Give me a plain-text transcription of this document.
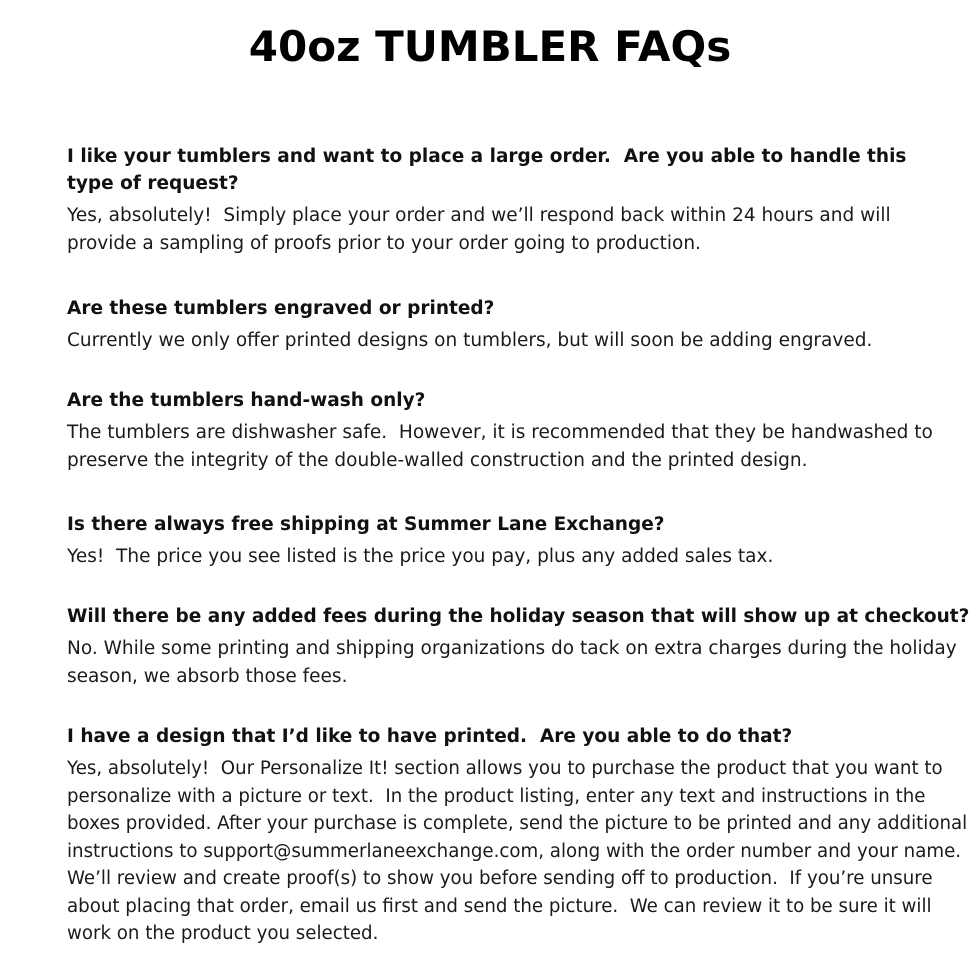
40oz TUMBLER FAQs

I like your tumblers and want to place a large order.  Are you able to handle this type of request?

Yes, absolutely!  Simply place your order and we’ll respond back within 24 hours and will provide a sampling of proofs prior to your order going to production.

Are these tumblers engraved or printed?

Currently we only offer printed designs on tumblers, but will soon be adding engraved.

Are the tumblers hand-wash only?

The tumblers are dishwasher safe.  However, it is recommended that they be handwashed to preserve the integrity of the double-walled construction and the printed design.

Is there always free shipping at Summer Lane Exchange?

Yes!  The price you see listed is the price you pay, plus any added sales tax.

Will there be any added fees during the holiday season that will show up at checkout?

No. While some printing and shipping organizations do tack on extra charges during the holiday season, we absorb those fees.

I have a design that I’d like to have printed.  Are you able to do that?

Yes, absolutely!  Our Personalize It! section allows you to purchase the product that you want to personalize with a picture or text.  In the product listing, enter any text and instructions in the boxes provided. After your purchase is complete, send the picture to be printed and any additional instructions to support@summerlaneexchange.com, along with the order number and your name.  We’ll review and create proof(s) to show you before sending off to production.  If you’re unsure about placing that order, email us first and send the picture.  We can review it to be sure it will work on the product you selected.
